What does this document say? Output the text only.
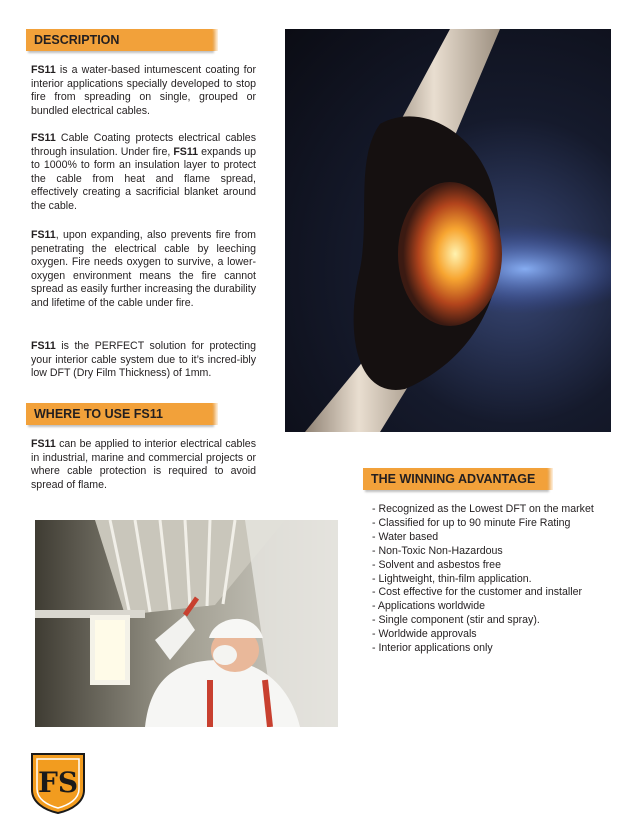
DESCRIPTION

FS11 is a water-based intumescent coating for interior applications specially developed to stop fire from spreading on single, grouped or bundled electrical cables.

FS11 Cable Coating protects electrical cables through insulation. Under fire, FS11 expands up to 1000% to form an insulation layer to protect the cable from heat and flame spread, effectively creating a sacrificial blanket around the cable.

FS11, upon expanding, also prevents fire from penetrating the electrical cable by leeching oxygen. Fire needs oxygen to survive, a lower-oxygen environment means the fire cannot spread as easily further increasing the durability and lifetime of the cable under fire.

FS11 is the PERFECT solution for protecting your interior cable system due to it’s incred-ibly low DFT (Dry Film Thickness) of 1mm.

WHERE TO USE FS11

FS11 can be applied to interior electrical cables in industrial, marine and commercial projects or where cable protection is required to avoid spread of flame.	THE WINNING ADVANTAGE
- Recognized as the Lowest DFT on the market
- Classified for up to 90 minute Fire Rating
- Water based
- Non-Toxic Non-Hazardous
- Solvent and asbestos free
- Lightweight, thin-film application.
- Cost effective for the customer and installer
- Applications worldwide
- Single component (stir and spray).
- Worldwide approvals
- Interior applications only
FS
